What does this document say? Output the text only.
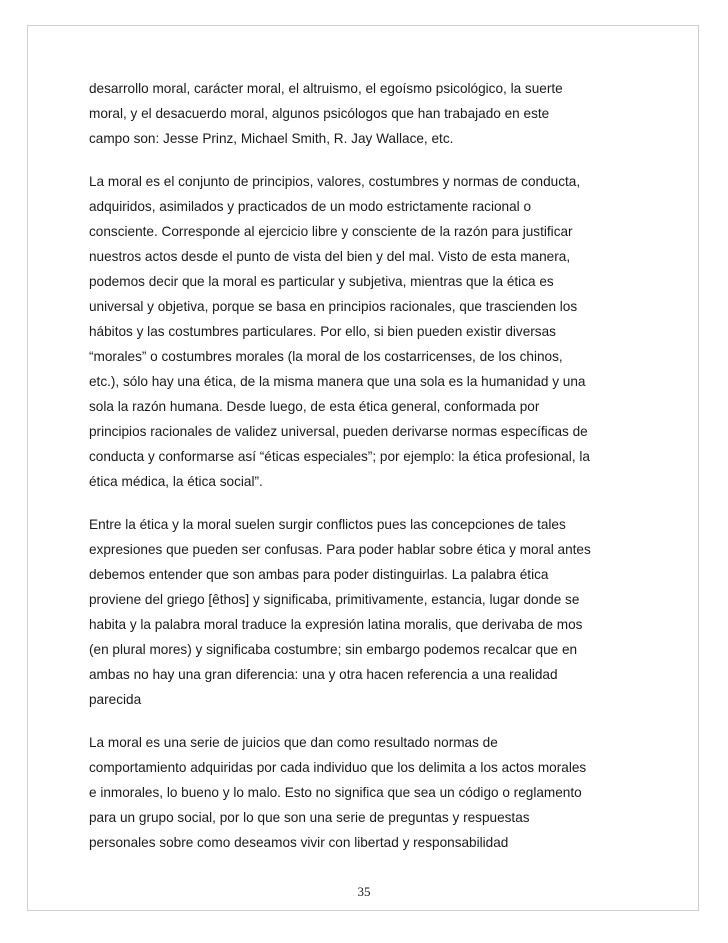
desarrollo moral, carácter moral, el altruismo, el egoísmo psicológico, la suerte
moral, y el desacuerdo moral, algunos psicólogos que han trabajado en este
campo son: Jesse Prinz, Michael Smith, R. Jay Wallace, etc.

La moral es el conjunto de principios, valores, costumbres y normas de conducta,
adquiridos, asimilados y practicados de un modo estrictamente racional o
consciente. Corresponde al ejercicio libre y consciente de la razón para justificar
nuestros actos desde el punto de vista del bien y del mal. Visto de esta manera,
podemos decir que la moral es particular y subjetiva, mientras que la ética es
universal y objetiva, porque se basa en principios racionales, que trascienden los
hábitos y las costumbres particulares. Por ello, si bien pueden existir diversas
“morales” o costumbres morales (la moral de los costarricenses, de los chinos,
etc.), sólo hay una ética, de la misma manera que una sola es la humanidad y una
sola la razón humana. Desde luego, de esta ética general, conformada por
principios racionales de validez universal, pueden derivarse normas específicas de
conducta y conformarse así “éticas especiales”; por ejemplo: la ética profesional, la
ética médica, la ética social”.

Entre la ética y la moral suelen surgir conflictos pues las concepciones de tales
expresiones que pueden ser confusas. Para poder hablar sobre ética y moral antes
debemos entender que son ambas para poder distinguirlas. La palabra ética
proviene del griego [êthos] y significaba, primitivamente, estancia, lugar donde se
habita y la palabra moral traduce la expresión latina moralis, que derivaba de mos
(en plural mores) y significaba costumbre; sin embargo podemos recalcar que en
ambas no hay una gran diferencia: una y otra hacen referencia a una realidad
parecida

La moral es una serie de juicios que dan como resultado normas de
comportamiento adquiridas por cada individuo que los delimita a los actos morales
e inmorales, lo bueno y lo malo. Esto no significa que sea un código o reglamento
para un grupo social, por lo que son una serie de preguntas y respuestas
personales sobre como deseamos vivir con libertad y responsabilidad

35
